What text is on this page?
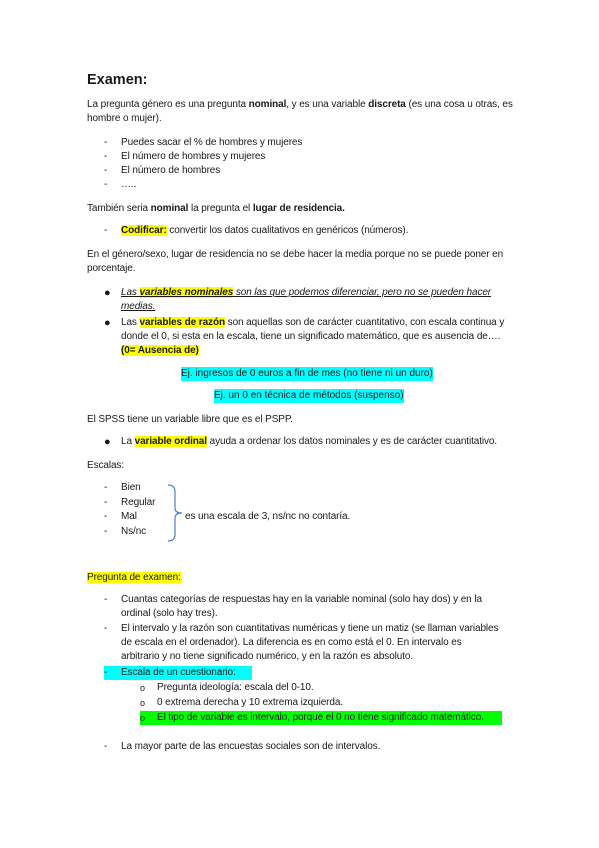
Examen:
La pregunta género es una pregunta nominal, y es una variable discreta (es una cosa u otras, es
hombre o mujer).
- Puedes sacar el % de hombres y mujeres
- El número de hombres y mujeres
- El número de hombres
- …..
También seria nominal la pregunta el lugar de residencia.
- Codificar: convertir los datos cualitativos en genéricos (números).
En el género/sexo, lugar de residencia no se debe hacer la media porque no se puede poner en
porcentaje.
● Las variables nominales son las que podemos diferenciar, pero no se pueden hacer
medias.
● Las variables de razón son aquellas son de carácter cuantitativo, con escala continua y
donde el 0, si esta en la escala, tiene un significado matemático, que es ausencia de….
(0= Ausencia de)
Ej. ingresos de 0 euros a fin de mes (no tiene ni un duro)
Ej. un 0 en técnica de métodos (suspenso)
El SPSS tiene un variable libre que es el PSPP.
● La variable ordinal ayuda a ordenar los datos nominales y es de carácter cuantitativo.
Escalas:
- Bien
- Regular
- Mal
- Ns/nc
es una escala de 3, ns/nc no contaría.
Pregunta de examen:
- Cuantas categorías de respuestas hay en la variable nominal (solo hay dos) y en la
ordinal (solo hay tres).
- El intervalo y la razón son cuantitativas numéricas y tiene un matiz (se llaman variables
de escala en el ordenador). La diferencia es en como está el 0. En intervalo es
arbitrario y no tiene significado numérico, y en la razón es absoluto.
-	Escala de un cuestionario:
o Pregunta ideología: escala del 0-10.
o 0 extrema derecha y 10 extrema izquierda.
o	El tipo de variable es intervalo, porque el 0 no tiene significado matemático.
- La mayor parte de las encuestas sociales son de intervalos.
